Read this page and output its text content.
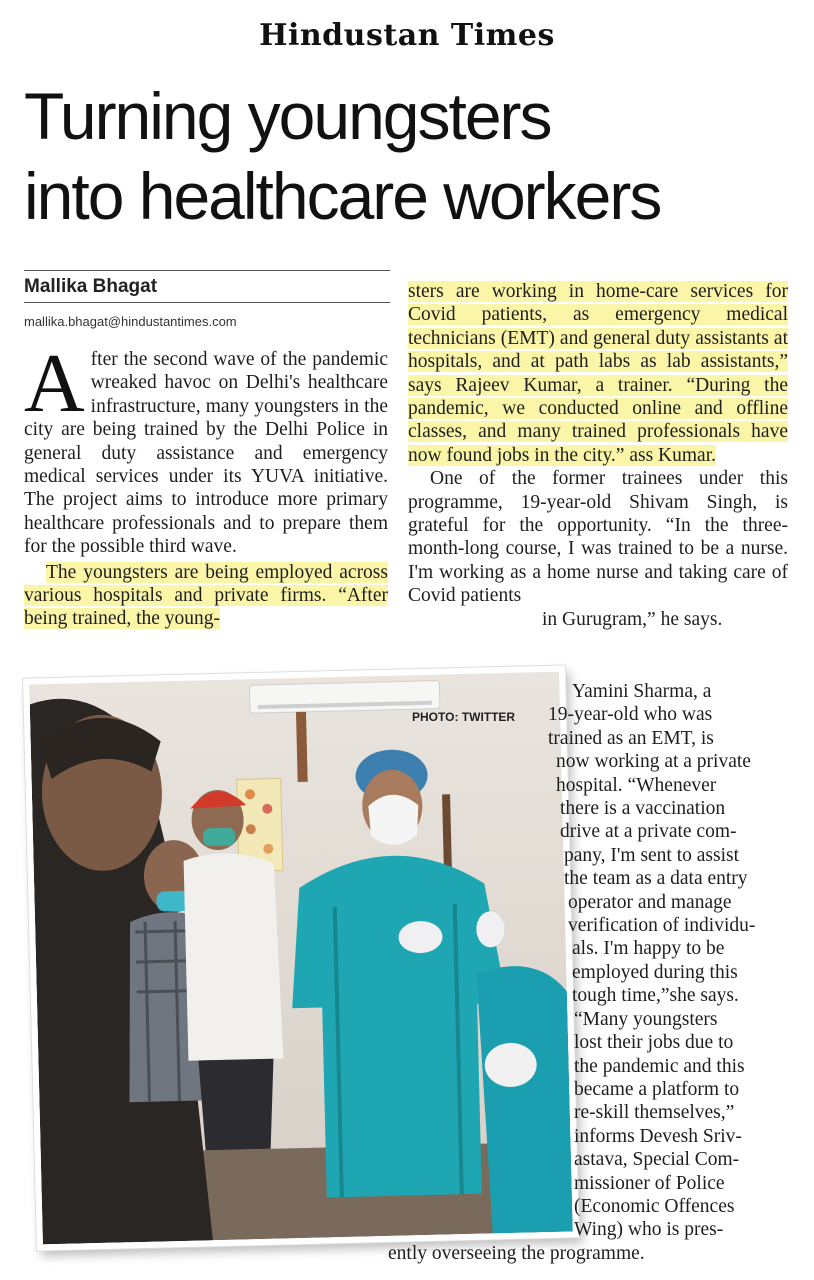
Hindustan Times
Turning youngsters
into healthcare workers
Mallika Bhagat
mallika.bhagat@hindustantimes.com

After the second wave of the pandemic wreaked havoc on Delhi's healthcare infrastructure, many youngsters in the city are being trained by the Delhi Police in general duty assistance and emergency medical services under its YUVA initiative. The project aims to introduce more primary healthcare professionals and to prepare them for the possible third wave.

The youngsters are being employed across various hospitals and private firms. “After being trained, the young-

sters are working in home-care services for Covid patients, as emergency medical technicians (EMT) and general duty assistants at hospitals, and at path labs as lab assistants,” says Rajeev Kumar, a trainer. “During the pandemic, we conducted online and offline classes, and many trained professionals have now found jobs in the city.” ass Kumar.

One of the former trainees under this programme, 19-year-old Shivam Singh, is grateful for the opportunity. “In the three-month-long course, I was trained to be a nurse. I'm working as a home nurse and taking care of Covid patients

in Gurugram,” he says.

PHOTO: TWITTER
Yamini Sharma, a
19-year-old who was
trained as an EMT, is
now working at a private
hospital. “Whenever
there is a vaccination
drive at a private com-
pany, I'm sent to assist
the team as a data entry
operator and manage
verification of individu-
als. I'm happy to be
employed during this
tough time,”she says.
“Many youngsters
lost their jobs due to
the pandemic and this
became a platform to
re-skill themselves,”
informs Devesh Sriv-
astava, Special Com-
missioner of Police
(Economic Offences
Wing) who is pres-
ently overseeing the programme.
